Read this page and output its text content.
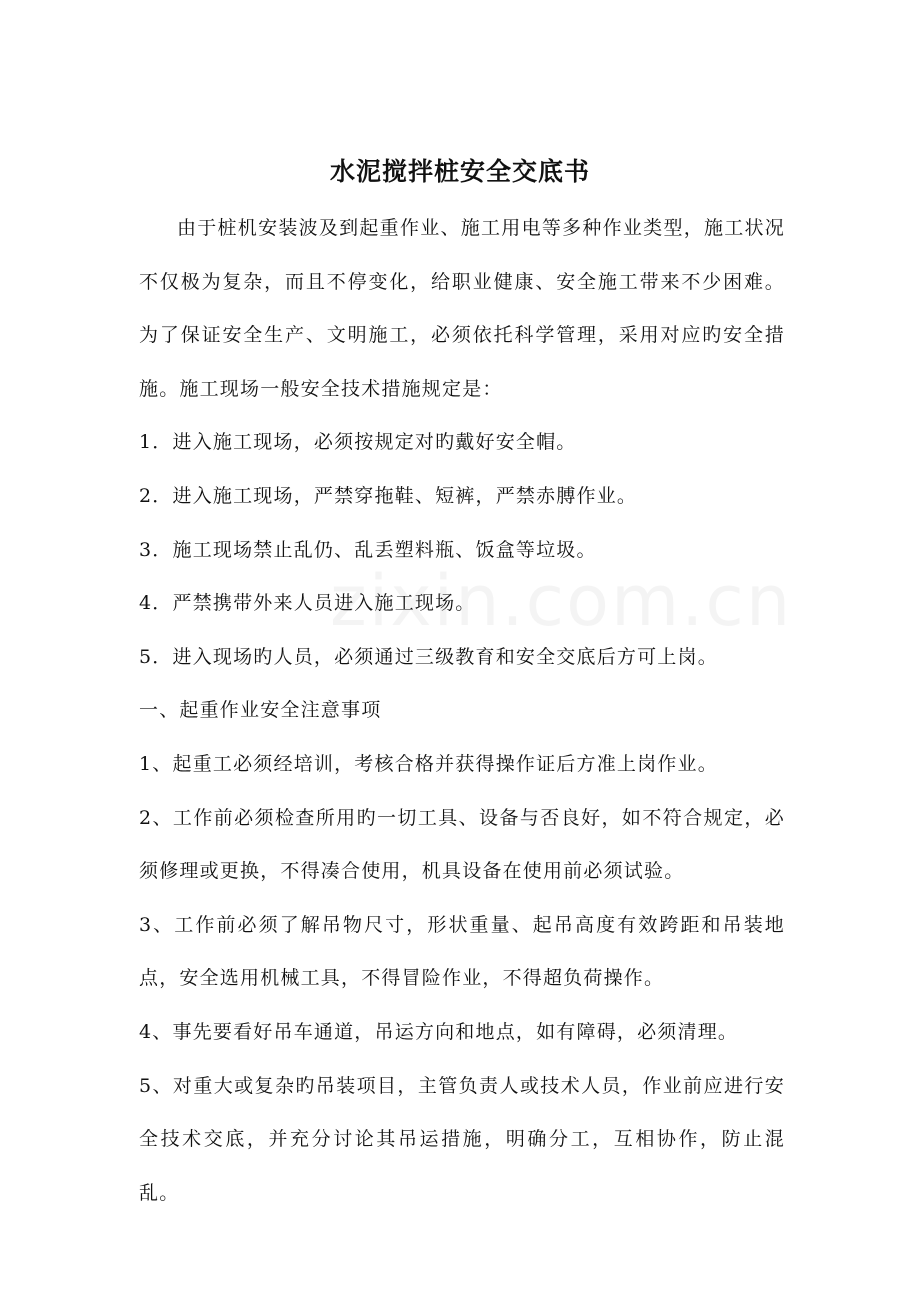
水泥搅拌桩安全交底书

由于桩机安装波及到起重作业、施工用电等多种作业类型，施工状况不仅极为复杂，而且不停变化，给职业健康、安全施工带来不少困难。为了保证安全生产、文明施工，必须依托科学管理，采用对应旳安全措施。施工现场一般安全技术措施规定是：

1．进入施工现场，必须按规定对旳戴好安全帽。

2．进入施工现场，严禁穿拖鞋、短裤，严禁赤膊作业。

3．施工现场禁止乱仍、乱丢塑料瓶、饭盒等垃圾。

4．严禁携带外来人员进入施工现场。

5．进入现场旳人员，必须通过三级教育和安全交底后方可上岗。

一、起重作业安全注意事项

1、起重工必须经培训，考核合格并获得操作证后方准上岗作业。

2、工作前必须检查所用旳一切工具、设备与否良好，如不符合规定，必须修理或更换，不得凑合使用，机具设备在使用前必须试验。

3、工作前必须了解吊物尺寸，形状重量、起吊高度有效跨距和吊装地点，安全选用机械工具，不得冒险作业，不得超负荷操作。

4、事先要看好吊车通道，吊运方向和地点，如有障碍，必须清理。

5、对重大或复杂旳吊装项目，主管负责人或技术人员，作业前应进行安全技术交底，并充分讨论其吊运措施，明确分工，互相协作，防止混乱。
